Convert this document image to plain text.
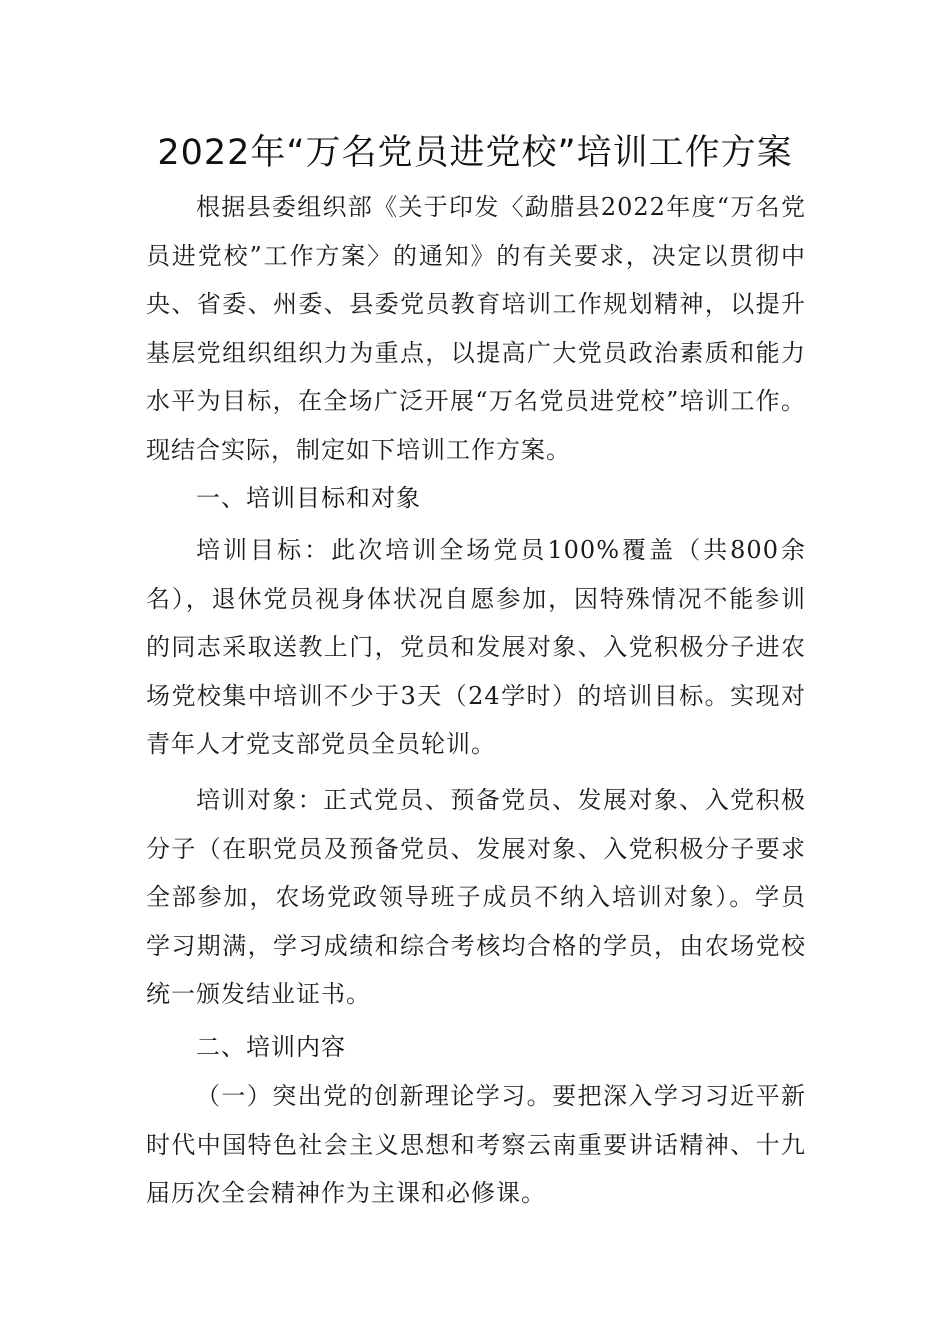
2022年“万名党员进党校”培训工作方案
根据县委组织部《关于印发〈勐腊县2022年度“万名党员进党校”工作方案〉的通知》的有关要求，决定以贯彻中央、省委、州委、县委党员教育培训工作规划精神，以提升基层党组织组织力为重点，以提高广大党员政治素质和能力水平为目标，在全场广泛开展“万名党员进党校”培训工作。现结合实际，制定如下培训工作方案。
一、培训目标和对象
培训目标：此次培训全场党员100%覆盖（共800余名），退休党员视身体状况自愿参加，因特殊情况不能参训的同志采取送教上门，党员和发展对象、入党积极分子进农场党校集中培训不少于3天（24学时）的培训目标。实现对青年人才党支部党员全员轮训。
培训对象：正式党员、预备党员、发展对象、入党积极分子（在职党员及预备党员、发展对象、入党积极分子要求全部参加，农场党政领导班子成员不纳入培训对象）。学员学习期满，学习成绩和综合考核均合格的学员，由农场党校统一颁发结业证书。
二、培训内容
（一）突出党的创新理论学习。要把深入学习习近平新时代中国特色社会主义思想和考察云南重要讲话精神、十九届历次全会精神作为主课和必修课。
